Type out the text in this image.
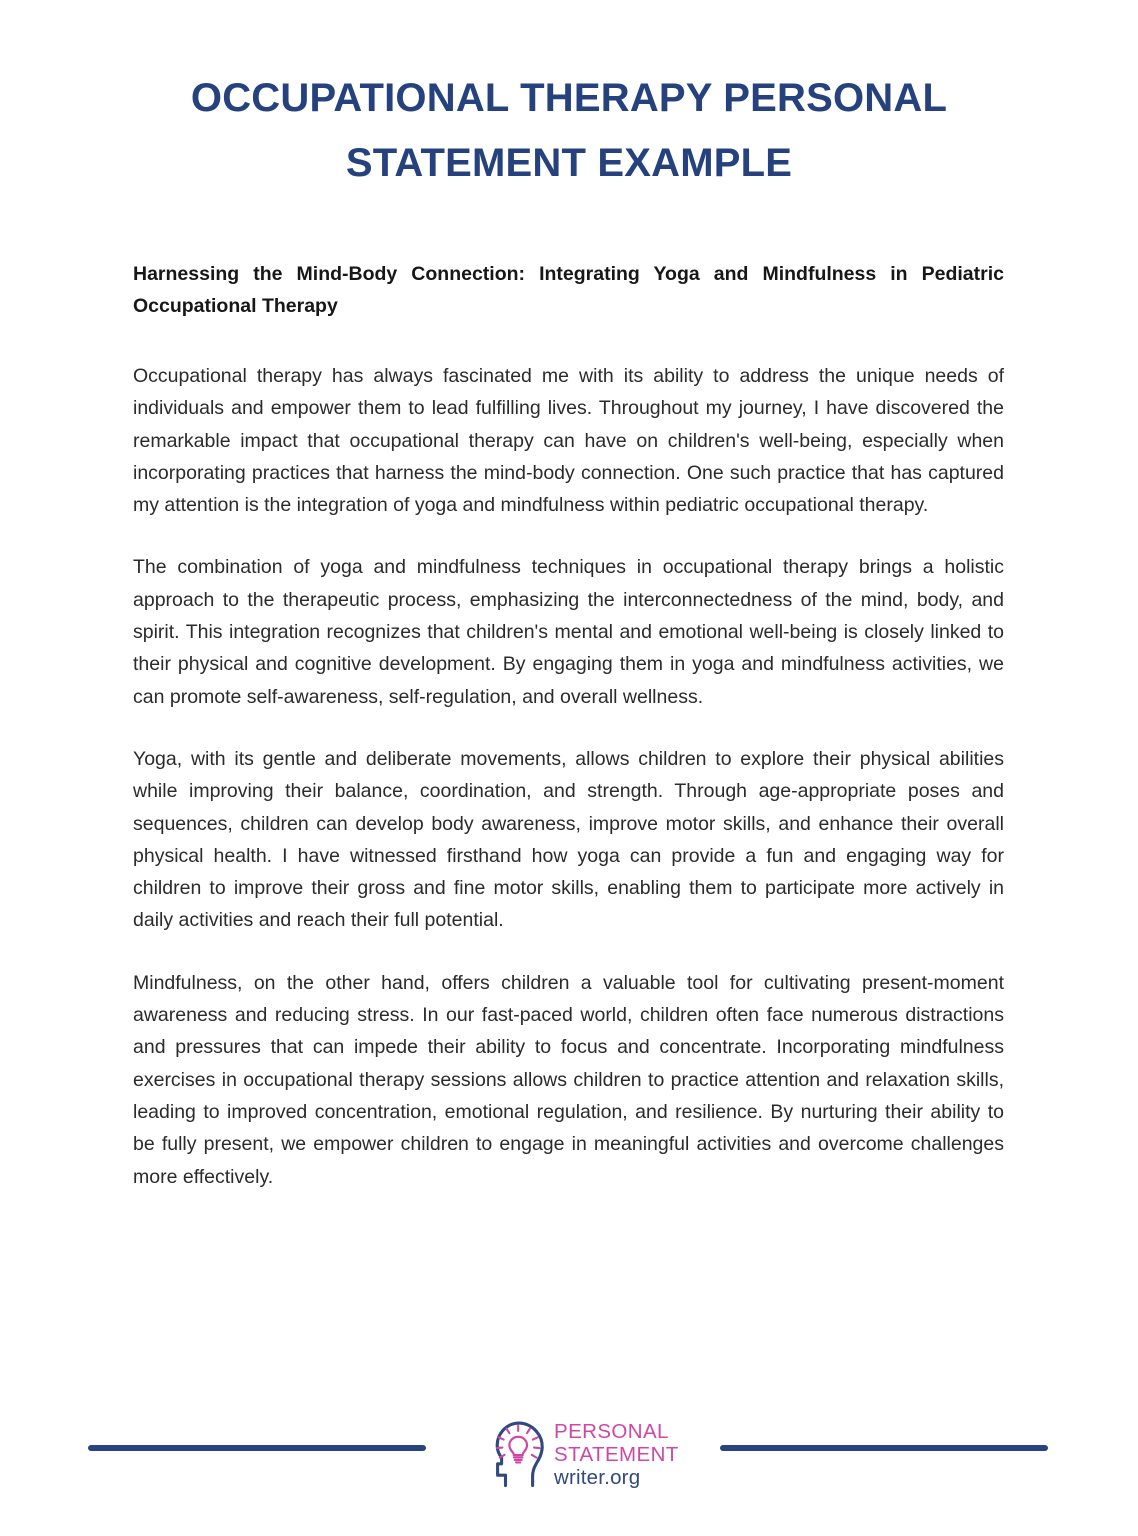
OCCUPATIONAL THERAPY PERSONAL
STATEMENT EXAMPLE

Harnessing the Mind-Body Connection: Integrating Yoga and Mindfulness in Pediatric Occupational Therapy

Occupational therapy has always fascinated me with its ability to address the unique needs of individuals and empower them to lead fulfilling lives. Throughout my journey, I have discovered the remarkable impact that occupational therapy can have on children's well-being, especially when incorporating practices that harness the mind-body connection. One such practice that has captured my attention is the integration of yoga and mindfulness within pediatric occupational therapy.

The combination of yoga and mindfulness techniques in occupational therapy brings a holistic approach to the therapeutic process, emphasizing the interconnectedness of the mind, body, and spirit. This integration recognizes that children's mental and emotional well-being is closely linked to their physical and cognitive development. By engaging them in yoga and mindfulness activities, we can promote self-awareness, self-regulation, and overall wellness.

Yoga, with its gentle and deliberate movements, allows children to explore their physical abilities while improving their balance, coordination, and strength. Through age-appropriate poses and sequences, children can develop body awareness, improve motor skills, and enhance their overall physical health. I have witnessed firsthand how yoga can provide a fun and engaging way for children to improve their gross and fine motor skills, enabling them to participate more actively in daily activities and reach their full potential.

Mindfulness, on the other hand, offers children a valuable tool for cultivating present-moment awareness and reducing stress. In our fast-paced world, children often face numerous distractions and pressures that can impede their ability to focus and concentrate. Incorporating mindfulness exercises in occupational therapy sessions allows children to practice attention and relaxation skills, leading to improved concentration, emotional regulation, and resilience. By nurturing their ability to be fully present, we empower children to engage in meaningful activities and overcome challenges more effectively.

PERSONAL
STATEMENT
writer.org
